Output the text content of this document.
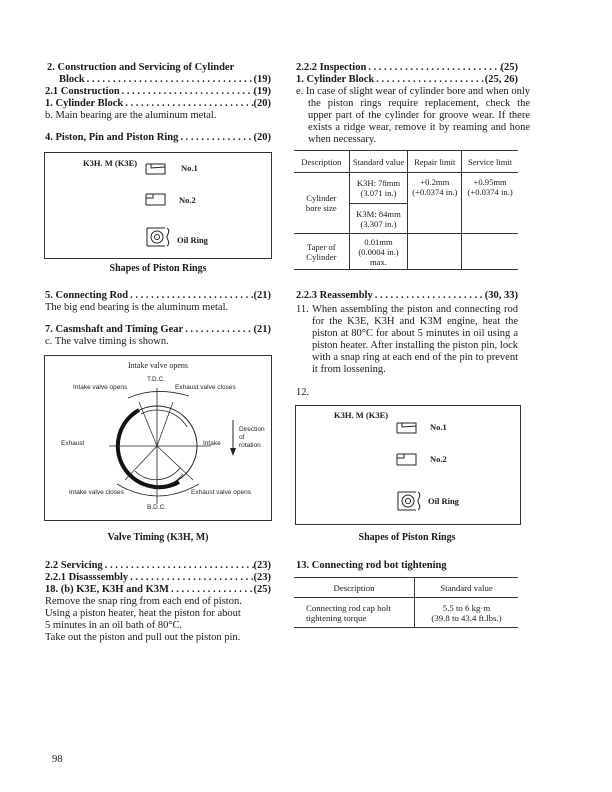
2. Construction and Servicing of Cylinder
Block . . .	(19)
2.1 Construction . . .	(19)
1. Cylinder Block . . .	(20)
b. Main bearing are the aluminum metal.
4. Piston, Pin and Piston Ring . . .	(20)
K3H. M (K3E)	No.1
No.2
Oil Ring
Shapes of Piston Rings
5. Connecting Rod . . .	(21)
The big end bearing is the aluminum metal.
7. Casmshaft and Timing Gear . . .	(21)
c. The valve timing is shown.
Intake valve opens
T.D.C.
Intake valve opens	Exhaust valve closes
Exhaust	Intake
Direction
of
rotation
Intake valve closes	Exhaust valve opens
B.D.C.
Valve Timing (K3H, M)
2.2 Servicing . . .	(23)
2.2.1 Disasssembly . . .	(23)
18. (b) K3E, K3H and K3M . . .	(25)
Remove the snap ring from each end of piston.
Using a piston heater, heat the piston for about
5 minutes in an oil bath of 80°C.
Take out the piston and pull out the piston pin.
2.2.2 Inspection . . .	(25)
1. Cylinder Block . . .	(25, 26)
e. In case of slight wear of cylinder bore and when only the piston rings require replacement, check the upper part of the cylinder for groove wear. If there exists a ridge wear, remove it by reaming and hone when necessary.
Description	Standard value	Repair limit	Service limit
Cylinder bore size	K3H: 78mm (3.071 in.)	+0.2mm (+0.0374 in.)	+0.95mm (+0.0374 in.)
	K3M: 84mm (3.307 in.)		
Taper of Cylinder	0.01mm (0.0004 in.) max.		
2.2.3 Reassembly . . .	(30, 33)
11. When assembling the piston and connecting rod for the K3E, K3H and K3M engine, heat the piston at 80°C for about 5 minutes in oil using a piston heater. After installing the piston pin, lock with a snap ring at each end of the pin to prevent it from lossening.
12.
K3H. M (K3E)
No.1
No.2
Oil Ring
Shapes of Piston Rings
13. Connecting rod bot tightening
Description	Standard value
Connecting rod cap bolt tightening torque	5.5 to 6 kg·m
(39.8 to 43.4 ft.lbs.)
98
